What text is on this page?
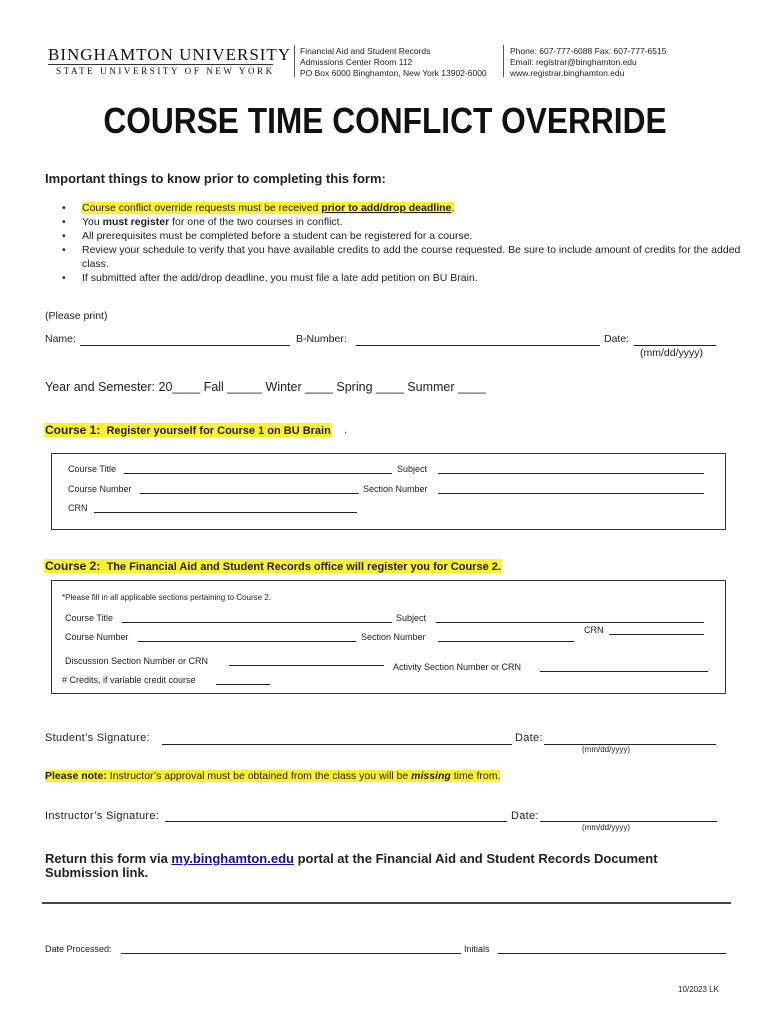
BINGHAMTON UNIVERSITY
STATE UNIVERSITY OF NEW YORK
Financial Aid and Student Records
Admissions Center Room 112
PO Box 6000 Binghamton, New York 13902-6000
Phone: 607-777-6088 Fax: 607-777-6515
Email: registrar@binghamton.edu
www.registrar.binghamton.edu
COURSE TIME CONFLICT OVERRIDE
Important things to know prior to completing this form:
•	Course conflict override requests must be received prior to add/drop deadline.
•	You must register for one of the two courses in conflict.
•	All prerequisites must be completed before a student can be registered for a course.
•	Review your schedule to verify that you have available credits to add the course requested. Be sure to include amount of credits for the added class.
•	If submitted after the add/drop deadline, you must file a late add petition on BU Brain.
(Please print)
Name:	B-Number:	Date:
(mm/dd/yyyy)
Year and Semester: 20____ Fall _____ Winter ____ Spring ____ Summer ____
Course 1: Register yourself for Course 1 on BU Brain .
Course Title	Subject
Course Number	Section Number
CRN
Course 2: The Financial Aid and Student Records office will register you for Course 2.
*Please fill in all applicable sections pertaining to Course 2.
Course Title	Subject
Course Number	Section Number
CRN
Discussion Section Number or CRN
Activity Section Number or CRN
# Credits, if variable credit course
Student’s Signature:	Date:
(mm/dd/yyyy)
Please note: Instructor’s approval must be obtained from the class you will be missing time from.
Instructor’s Signature:	Date:
(mm/dd/yyyy)
Return this form via my.binghamton.edu portal at the Financial Aid and Student Records Document
Submission link.
Date Processed:	Initials
10/2023 LK
